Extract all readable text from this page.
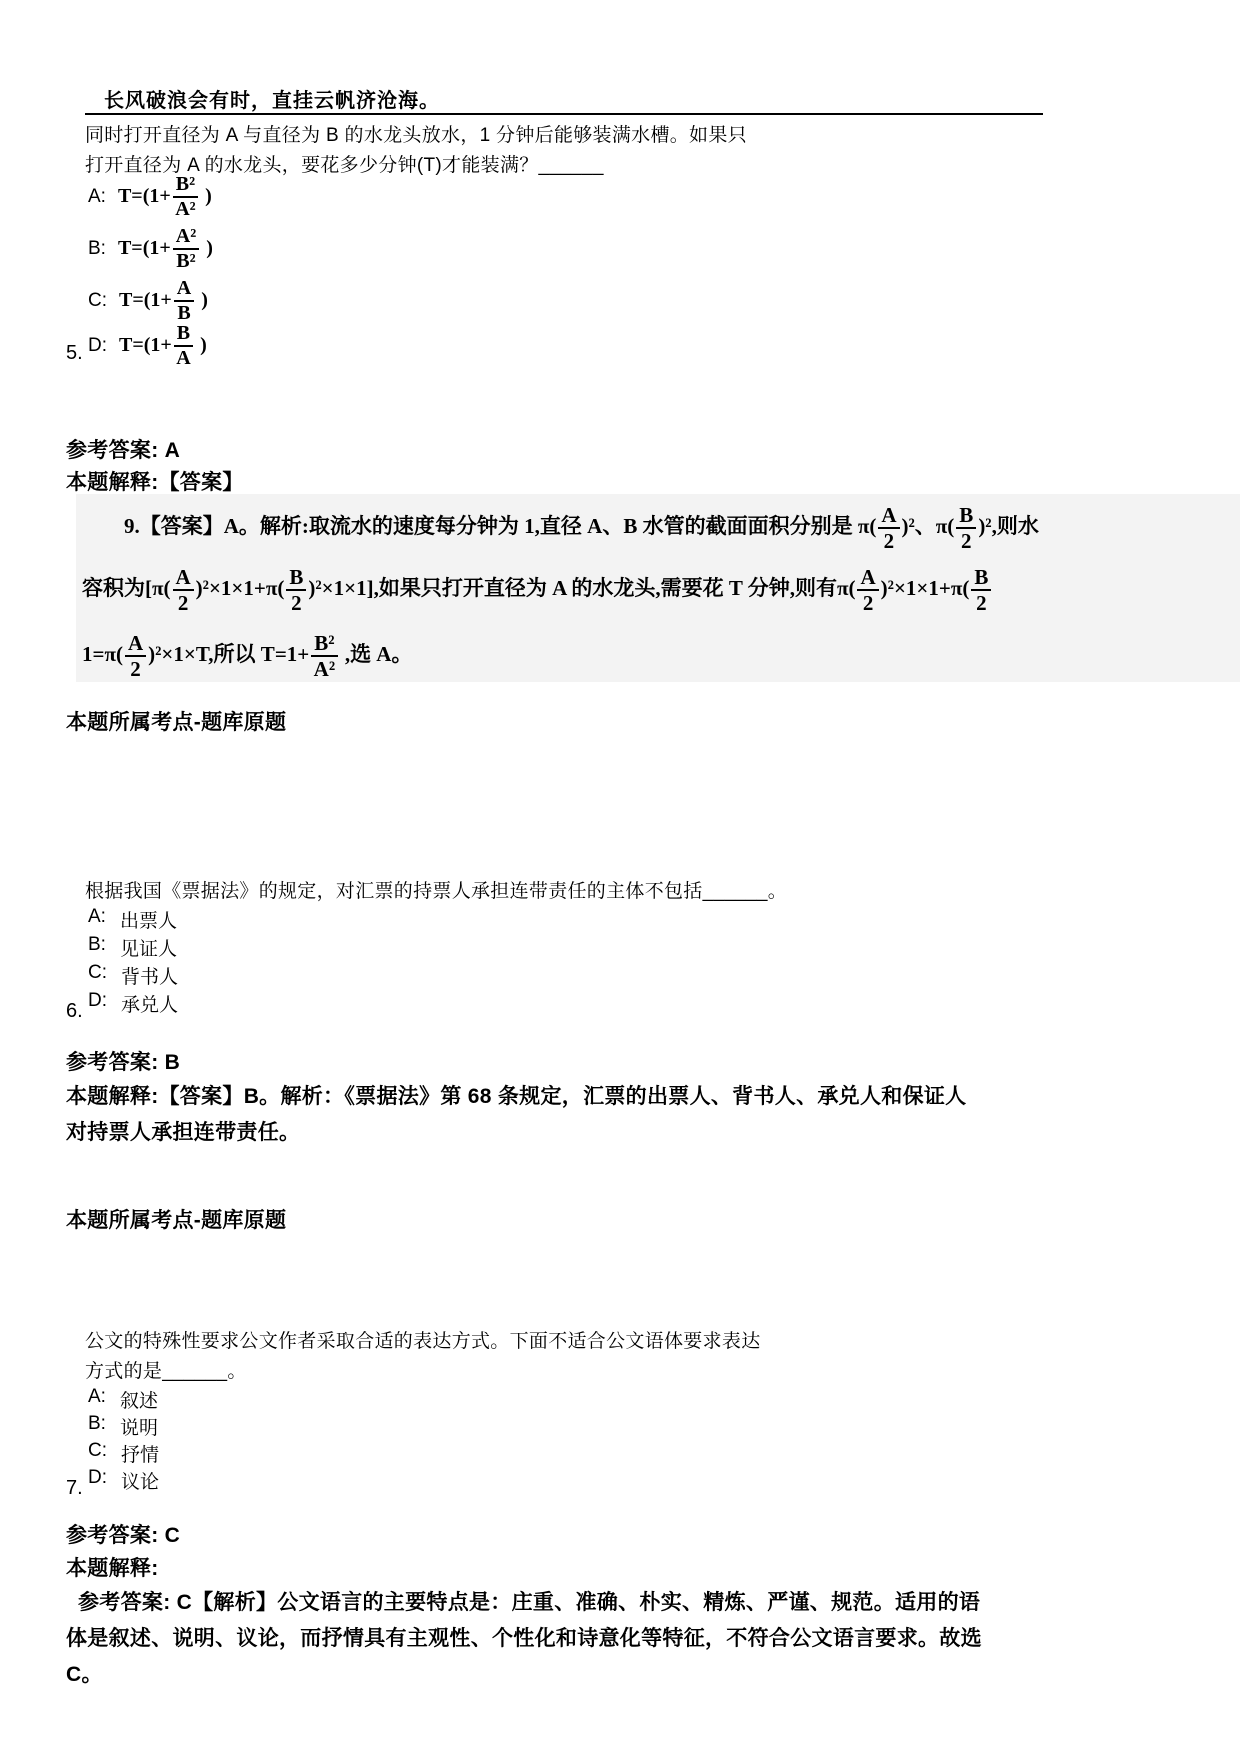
长风破浪会有时，直挂云帆济沧海。
同时打开直径为 A 与直径为 B 的水龙头放水，1 分钟后能够装满水槽。如果只
打开直径为 A 的水龙头，要花多少分钟(T)才能装满？______
A: $T=(1+ \frac{\text{B²}}{\text{A²}}$ )
B: $T=(1+ \frac{\text{A²}}{\text{B²}}$ )
C: $T=(1+ \frac{A}{B}$ )
D: $T=(1+ \frac{B}{A}$ )
5.
参考答案: A
本题解释:【答案】
9.【答案】A。解析:取流水的速度每分钟为 1,直径 A、B 水管的截面面积分别是 $\pi( \frac{A}{2} )^2$、$\pi( \frac{B}{2} )^2$,则水
容积为$[\pi( \frac{A}{2} )^2\times 1\times 1+\pi( \frac{B}{2} )^2\times 1\times 1]$,如果只打开直径为 A 的水龙头,需要花 T 分钟,则有$\pi( \frac{A}{2} )^2\times 1\times 1+\pi( \frac{B}{2}$
$1=\pi( \frac{A}{2} )^2\times 1\times T$,所以 $T=1+ \frac{\text{B²}}{\text{A²}}$ ,选 A。
本题所属考点-题库原题
根据我国《票据法》的规定，对汇票的持票人承担连带责任的主体不包括______。
A: 出票人
B: 见证人
C: 背书人
D: 承兑人
6.
参考答案: B
本题解释:【答案】B。解析：《票据法》第 68 条规定，汇票的出票人、背书人、承兑人和保证人
对持票人承担连带责任。
本题所属考点-题库原题
公文的特殊性要求公文作者采取合适的表达方式。下面不适合公文语体要求表达
方式的是______。
A: 叙述
B: 说明
C: 抒情
D: 议论
7.
参考答案: C
本题解释:
参考答案: C【解析】公文语言的主要特点是：庄重、准确、朴实、精炼、严谨、规范。适用的语
体是叙述、说明、议论，而抒情具有主观性、个性化和诗意化等特征，不符合公文语言要求。故选
C。
